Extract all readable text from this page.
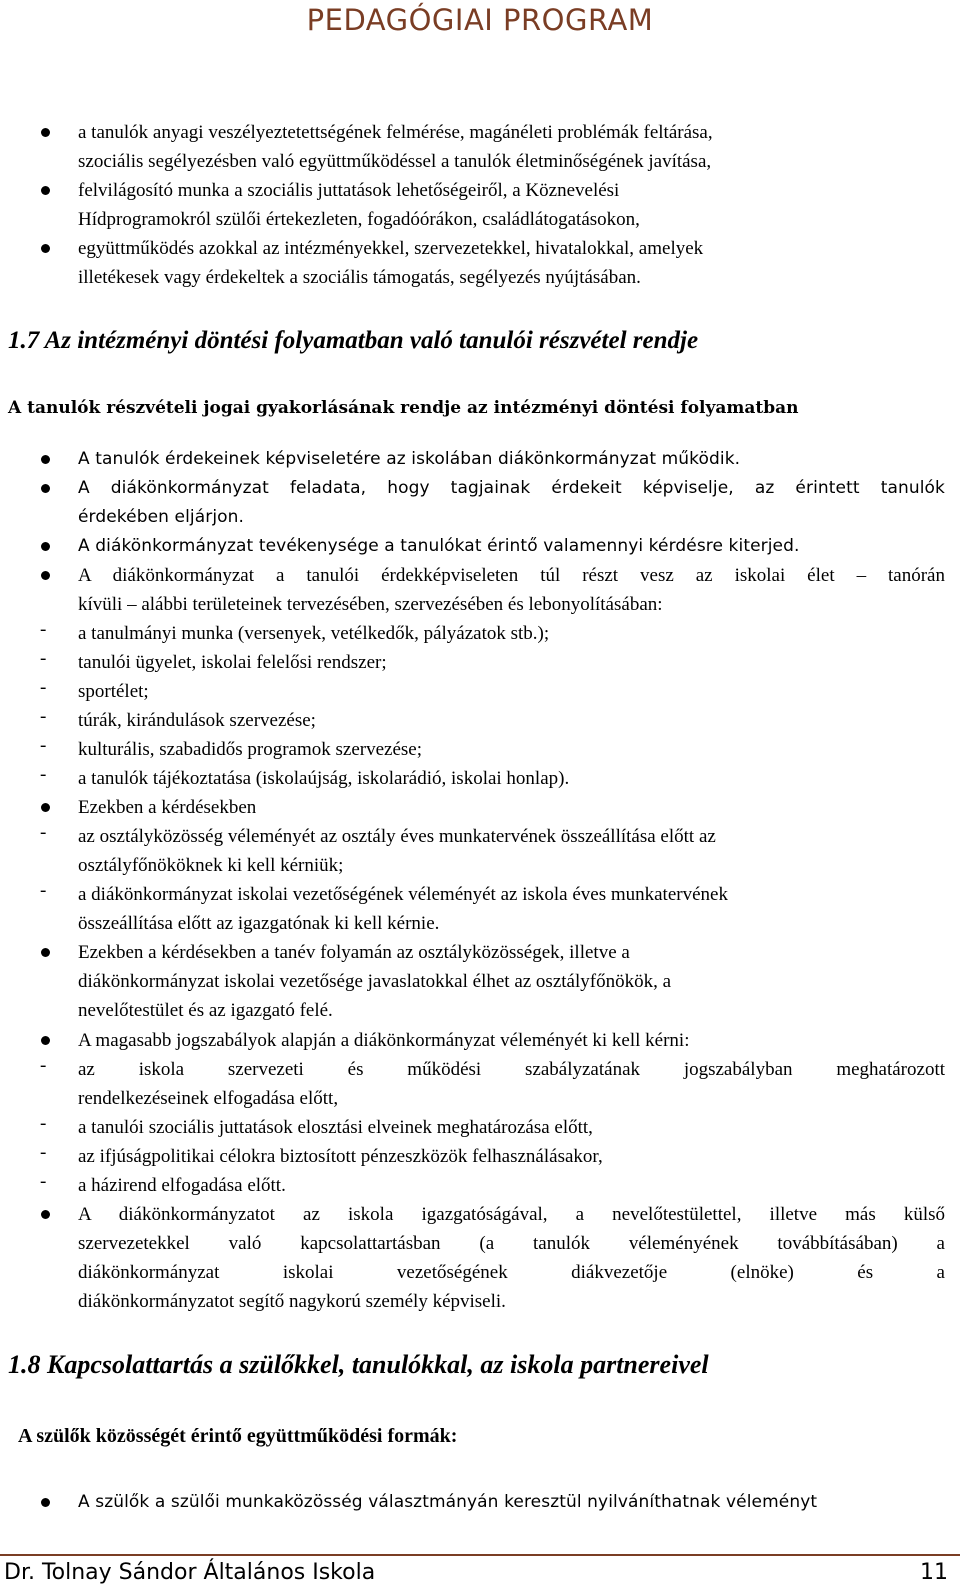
PEDAGÓGIAI PROGRAM
a tanulók anyagi veszélyeztetettségének felmérése, magánéleti problémák feltárása,
szociális segélyezésben való együttműködéssel a tanulók életminőségének javítása,
felvilágosító munka a szociális juttatások lehetőségeiről, a Köznevelési
Hídprogramokról szülői értekezleten, fogadóórákon, családlátogatásokon,
együttműködés azokkal az intézményekkel, szervezetekkel, hivatalokkal, amelyek
illetékesek vagy érdekeltek a szociális támogatás, segélyezés nyújtásában.
1.7 Az intézményi döntési folyamatban való tanulói részvétel rendje
A tanulók részvételi jogai gyakorlásának rendje az intézményi döntési folyamatban
A tanulók érdekeinek képviseletére az iskolában diákönkormányzat működik.
A diákönkormányzat feladata, hogy tagjainak érdekeit képviselje, az érintett tanulók
érdekében eljárjon.
A diákönkormányzat tevékenysége a tanulókat érintő valamennyi kérdésre kiterjed.
A diákönkormányzat a tanulói érdekképviseleten túl részt vesz az iskolai élet – tanórán
kívüli – alábbi területeinek tervezésében, szervezésében és lebonyolításában:
- a tanulmányi munka (versenyek, vetélkedők, pályázatok stb.);
- tanulói ügyelet, iskolai felelősi rendszer;
- sportélet;
- túrák, kirándulások szervezése;
- kulturális, szabadidős programok szervezése;
- a tanulók tájékoztatása (iskolaújság, iskolarádió, iskolai honlap).
Ezekben a kérdésekben
- az osztályközösség véleményét az osztály éves munkatervének összeállítása előtt az
osztályfőnököknek ki kell kérniük;
- a diákönkormányzat iskolai vezetőségének véleményét az iskola éves munkatervének
összeállítása előtt az igazgatónak ki kell kérnie.
Ezekben a kérdésekben a tanév folyamán az osztályközösségek, illetve a
diákönkormányzat iskolai vezetősége javaslatokkal élhet az osztályfőnökök, a
nevelőtestület és az igazgató felé.
A magasabb jogszabályok alapján a diákönkormányzat véleményét ki kell kérni:
- az iskola szervezeti és működési szabályzatának jogszabályban meghatározott
rendelkezéseinek elfogadása előtt,
- a tanulói szociális juttatások elosztási elveinek meghatározása előtt,
- az ifjúságpolitikai célokra biztosított pénzeszközök felhasználásakor,
- a házirend elfogadása előtt.
A diákönkormányzatot az iskola igazgatóságával, a nevelőtestülettel, illetve más külső
szervezetekkel való kapcsolattartásban (a tanulók véleményének továbbításában) a
diákönkormányzat iskolai vezetőségének diákvezetője (elnöke) és a
diákönkormányzatot segítő nagykorú személy képviseli.
1.8 Kapcsolattartás a szülőkkel, tanulókkal, az iskola partnereivel
A szülők közösségét érintő együttműködési formák:
A szülők a szülői munkaközösség választmányán keresztül nyilváníthatnak véleményt
Dr. Tolnay Sándor Általános Iskola	11
